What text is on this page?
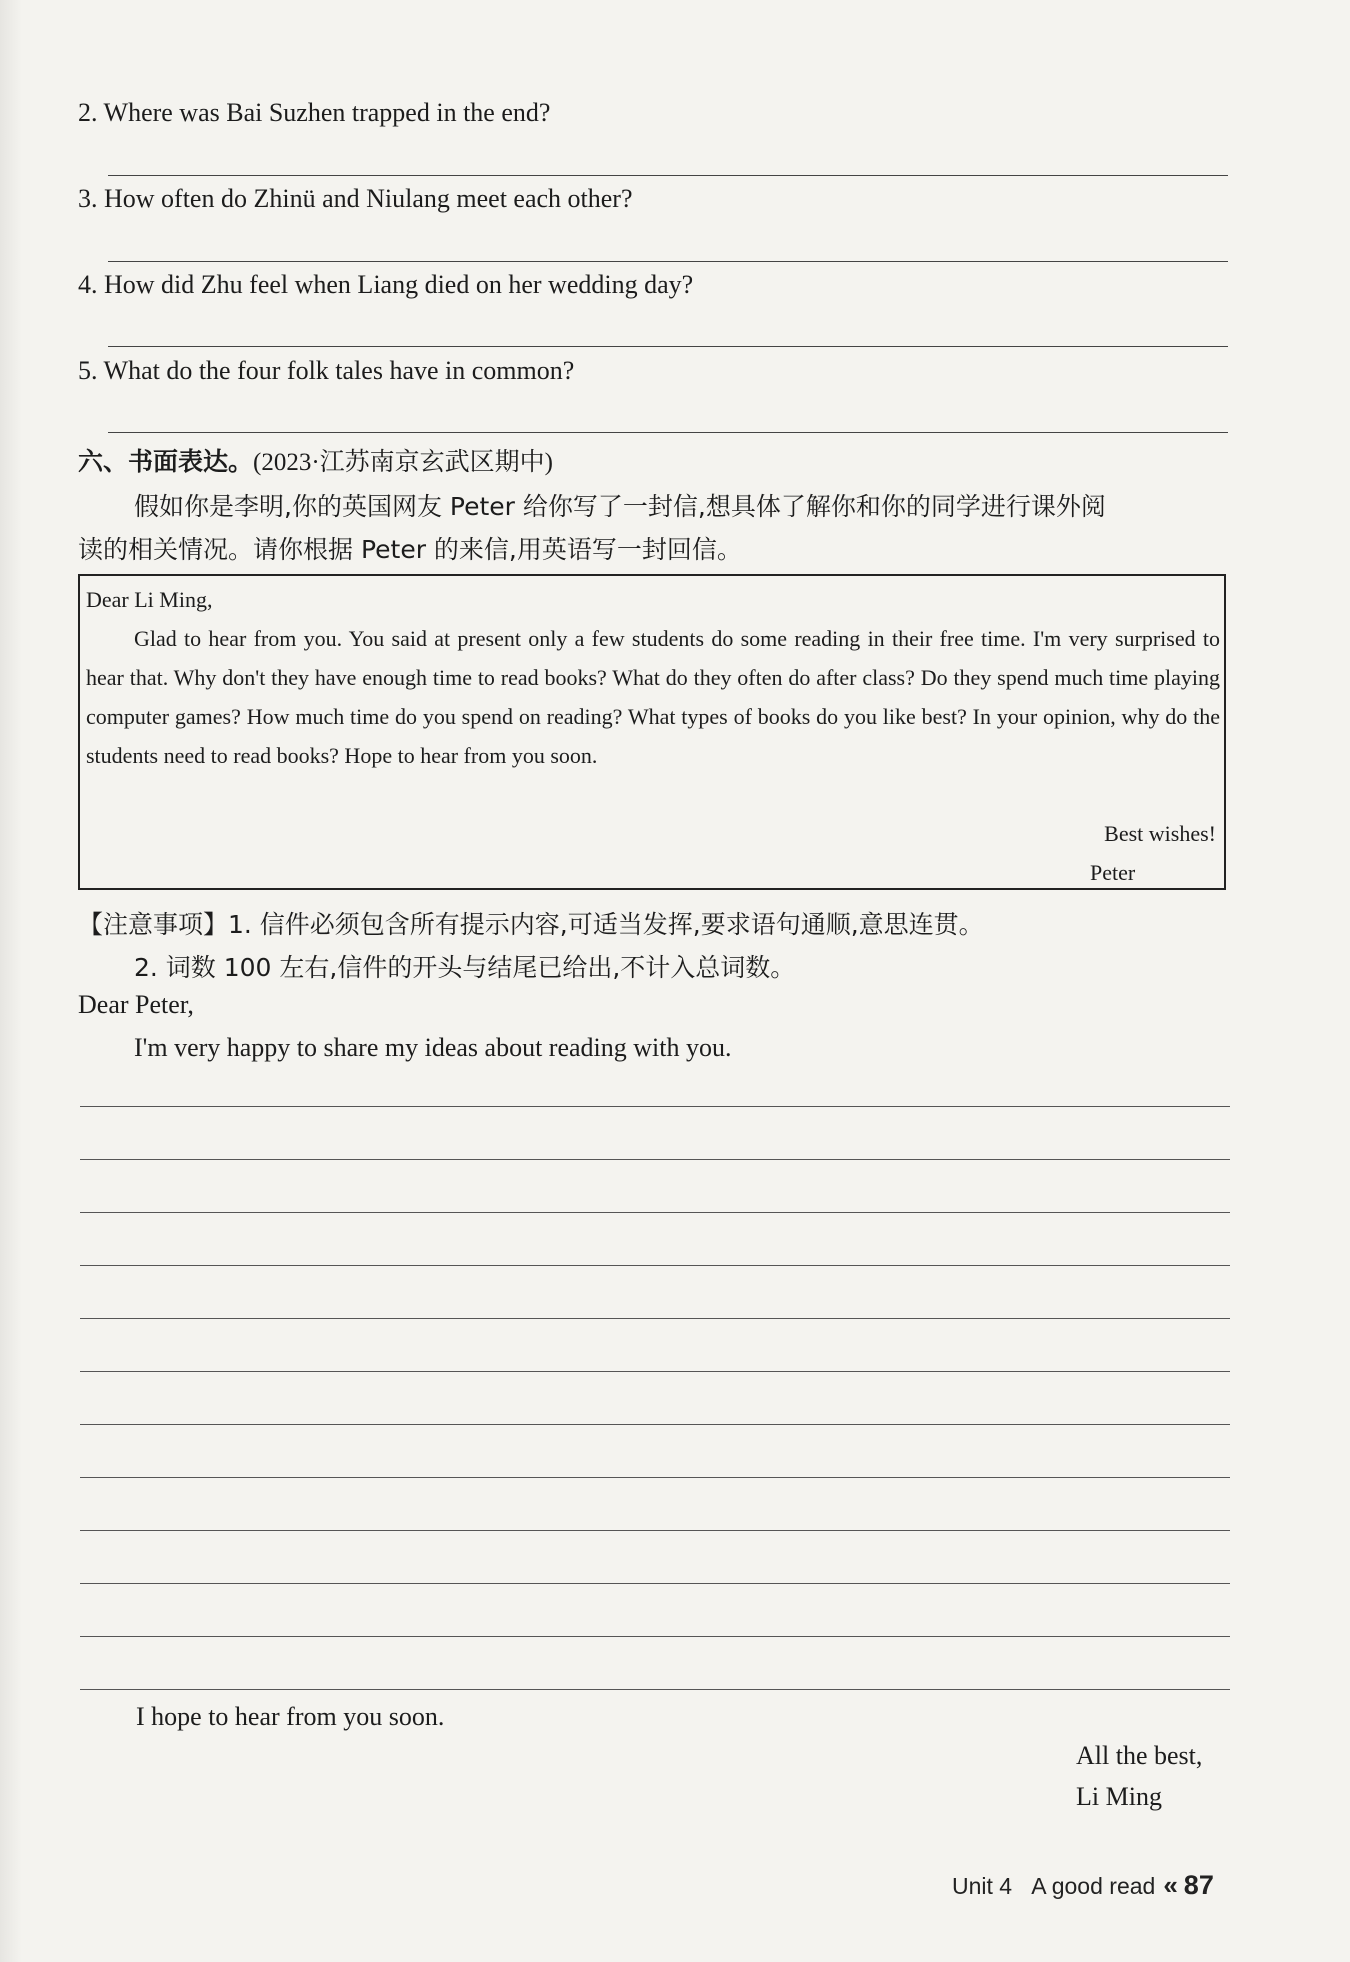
2. Where was Bai Suzhen trapped in the end?
3. How often do Zhinü and Niulang meet each other?
4. How did Zhu feel when Liang died on her wedding day?
5. What do the four folk tales have in common?
六、书面表达。(2023·江苏南京玄武区期中)
假如你是李明,你的英国网友 Peter 给你写了一封信,想具体了解你和你的同学进行课外阅
读的相关情况。请你根据 Peter 的来信,用英语写一封回信。
Dear Li Ming,

Glad to hear from you. You said at present only a few students do some reading in their free time. I'm very surprised to hear that. Why don't they have enough time to read books? What do they often do after class? Do they spend much time playing computer games? How much time do you spend on reading? What types of books do you like best? In your opinion, why do the students need to read books? Hope to hear from you soon.

Best wishes!
Peter
【注意事项】1. 信件必须包含所有提示内容,可适当发挥,要求语句通顺,意思连贯。
2. 词数 100 左右,信件的开头与结尾已给出,不计入总词数。
Dear Peter,
I'm very happy to share my ideas about reading with you.
I hope to hear from you soon.
All the best,
Li Ming
Unit 4 A good read « 87
